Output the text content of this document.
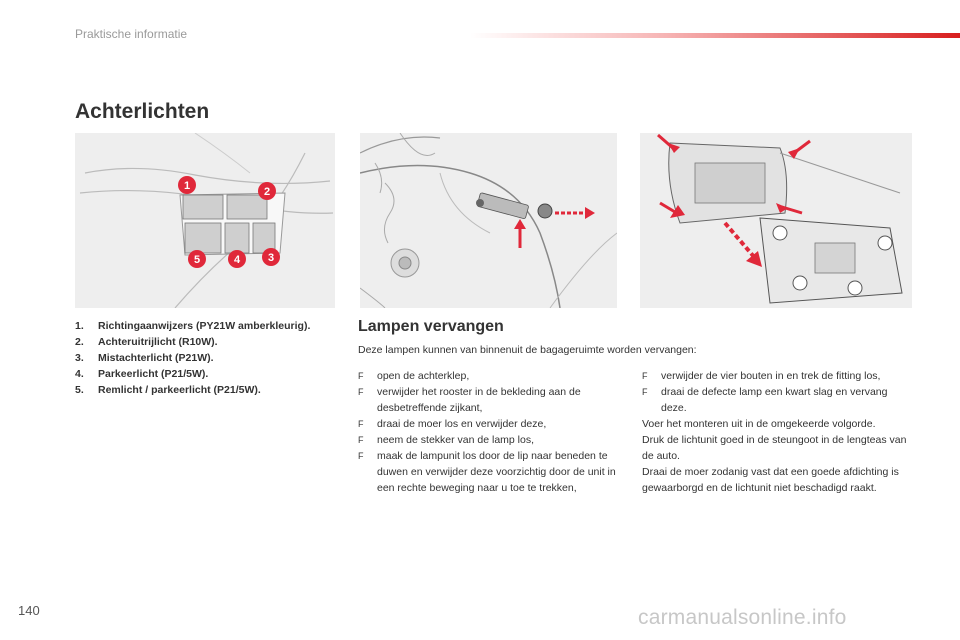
Praktische informatie
Achterlichten
1	2
5	4	3
1.	Richtingaanwijzers (PY21W amberkleurig).
2.	Achteruitrijlicht (R10W).
3.	Mistachterlicht (P21W).
4.	Parkeerlicht (P21/5W).
5.	Remlicht / parkeerlicht (P21/5W).
Lampen vervangen
Deze lampen kunnen van binnenuit de bagageruimte worden vervangen:
F	open de achterklep,
F	verwijder het rooster in de bekleding aan de desbetreffende zijkant,
F	draai de moer los en verwijder deze,
F	neem de stekker van de lamp los,
F	maak de lampunit los door de lip naar beneden te duwen en verwijder deze voorzichtig door de unit in een rechte beweging naar u toe te trekken,
F	verwijder de vier bouten in en trek de fitting los,
F	draai de defecte lamp een kwart slag en vervang deze.
Voer het monteren uit in de omgekeerde volgorde.
Druk de lichtunit goed in de steungoot in de lengteas van de auto.
Draai de moer zodanig vast dat een goede afdichting is gewaarborgd en de lichtunit niet beschadigd raakt.
140	carmanualsonline.info
